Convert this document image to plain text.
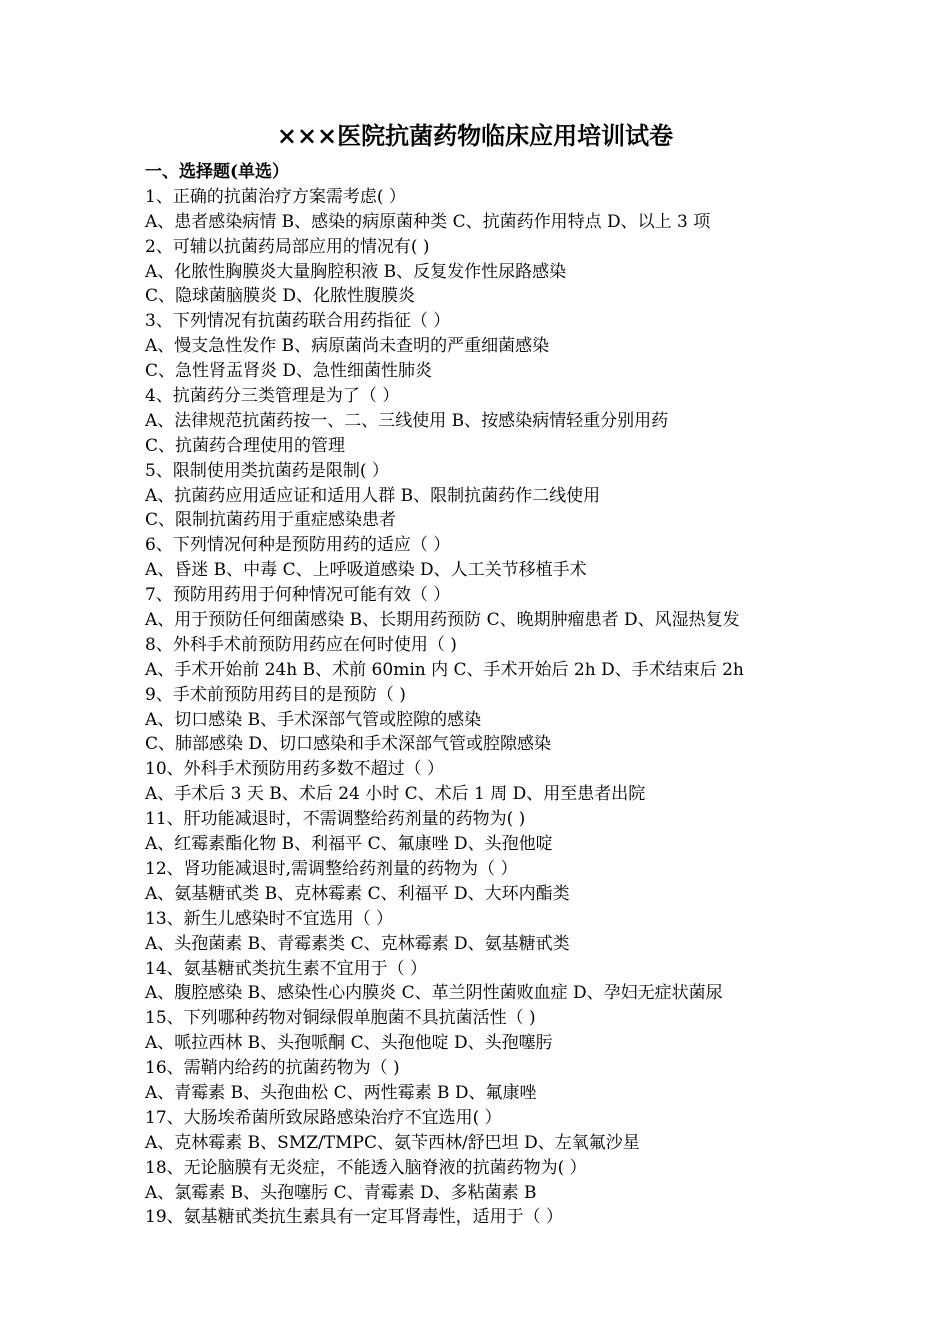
×××医院抗菌药物临床应用培训试卷
一、选择题(单选）
1、正确的抗菌治疗方案需考虑( ）
A、患者感染病情 B、感染的病原菌种类 C、抗菌药作用特点 D、以上 3 项
2、可辅以抗菌药局部应用的情况有( )
A、化脓性胸膜炎大量胸腔积液 B、反复发作性尿路感染
C、隐球菌脑膜炎 D、化脓性腹膜炎
3、下列情况有抗菌药联合用药指征（ ）
A、慢支急性发作 B、病原菌尚未查明的严重细菌感染
C、急性肾盂肾炎 D、急性细菌性肺炎
4、抗菌药分三类管理是为了（ ）
A、法律规范抗菌药按一、二、三线使用 B、按感染病情轻重分别用药
C、抗菌药合理使用的管理
5、限制使用类抗菌药是限制( ）
A、抗菌药应用适应证和适用人群 B、限制抗菌药作二线使用
C、限制抗菌药用于重症感染患者
6、下列情况何种是预防用药的适应（ ）
A、昏迷 B、中毒 C、上呼吸道感染 D、人工关节移植手术
7、预防用药用于何种情况可能有效（ ）
A、用于预防任何细菌感染 B、长期用药预防 C、晚期肿瘤患者 D、风湿热复发
8、外科手术前预防用药应在何时使用（ )
A、手术开始前 24h B、术前 60min 内 C、手术开始后 2h D、手术结束后 2h
9、手术前预防用药目的是预防（ )
A、切口感染 B、手术深部气管或腔隙的感染
C、肺部感染 D、切口感染和手术深部气管或腔隙感染
10、外科手术预防用药多数不超过（ ）
A、手术后 3 天 B、术后 24 小时 C、术后 1 周 D、用至患者出院
11、肝功能减退时，不需调整给药剂量的药物为( )
A、红霉素酯化物 B、利福平 C、氟康唑 D、头孢他啶
12、肾功能减退时,需调整给药剂量的药物为（ ）
A、氨基糖甙类 B、克林霉素 C、利福平 D、大环内酯类
13、新生儿感染时不宜选用（ ）
A、头孢菌素 B、青霉素类 C、克林霉素 D、氨基糖甙类
14、氨基糖甙类抗生素不宜用于（ ）
A、腹腔感染 B、感染性心内膜炎 C、革兰阴性菌败血症 D、孕妇无症状菌尿
15、下列哪种药物对铜绿假单胞菌不具抗菌活性（ )
A、哌拉西林 B、头孢哌酮 C、头孢他啶 D、头孢噻肟
16、需鞘内给药的抗菌药物为（ )
A、青霉素 B、头孢曲松 C、两性霉素 B D、氟康唑
17、大肠埃希菌所致尿路感染治疗不宜选用( ）
A、克林霉素 B、SMZ/TMPC、氨苄西林/舒巴坦 D、左氧氟沙星
18、无论脑膜有无炎症，不能透入脑脊液的抗菌药物为( ）
A、氯霉素 B、头孢噻肟 C、青霉素 D、多粘菌素 B
19、氨基糖甙类抗生素具有一定耳肾毒性，适用于（ ）
